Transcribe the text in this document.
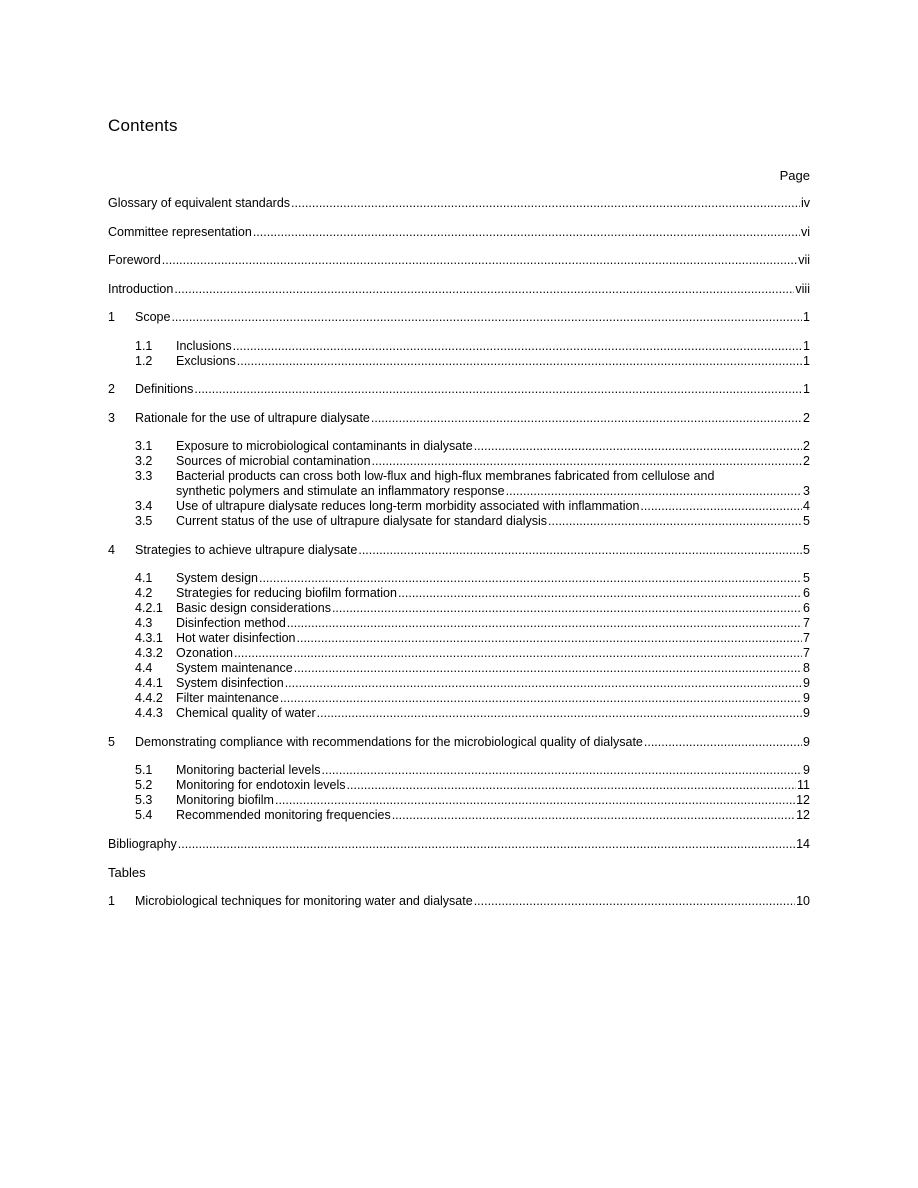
Contents
Page
Glossary of equivalent standards .....	iv
Committee representation .....	vi
Foreword .....	vii
Introduction .....	viii
1	Scope .....	1
1.1	Inclusions .....	1
1.2	Exclusions .....	1
2	Definitions .....	1
3	Rationale for the use of ultrapure dialysate .....	2
3.1	Exposure to microbiological contaminants in dialysate .....	2
3.2	Sources of microbial contamination .....	2
3.3	Bacterial products can cross both low-flux and high-flux membranes fabricated from cellulose and
synthetic polymers and stimulate an inflammatory response .....	3
3.4	Use of ultrapure dialysate reduces long-term morbidity associated with inflammation .....	4
3.5	Current status of the use of ultrapure dialysate for standard dialysis .....	5
4	Strategies to achieve ultrapure dialysate .....	5
4.1	System design .....	5
4.2	Strategies for reducing biofilm formation .....	6
4.2.1	Basic design considerations .....	6
4.3	Disinfection method .....	7
4.3.1	Hot water disinfection .....	7
4.3.2	Ozonation .....	7
4.4	System maintenance .....	8
4.4.1	System disinfection .....	9
4.4.2	Filter maintenance .....	9
4.4.3	Chemical quality of water .....	9
5	Demonstrating compliance with recommendations for the microbiological quality of dialysate .....	9
5.1	Monitoring bacterial levels .....	9
5.2	Monitoring for endotoxin levels .....	11
5.3	Monitoring biofilm .....	12
5.4	Recommended monitoring frequencies .....	12
Bibliography .....	14
Tables
1	Microbiological techniques for monitoring water and dialysate .....	10
